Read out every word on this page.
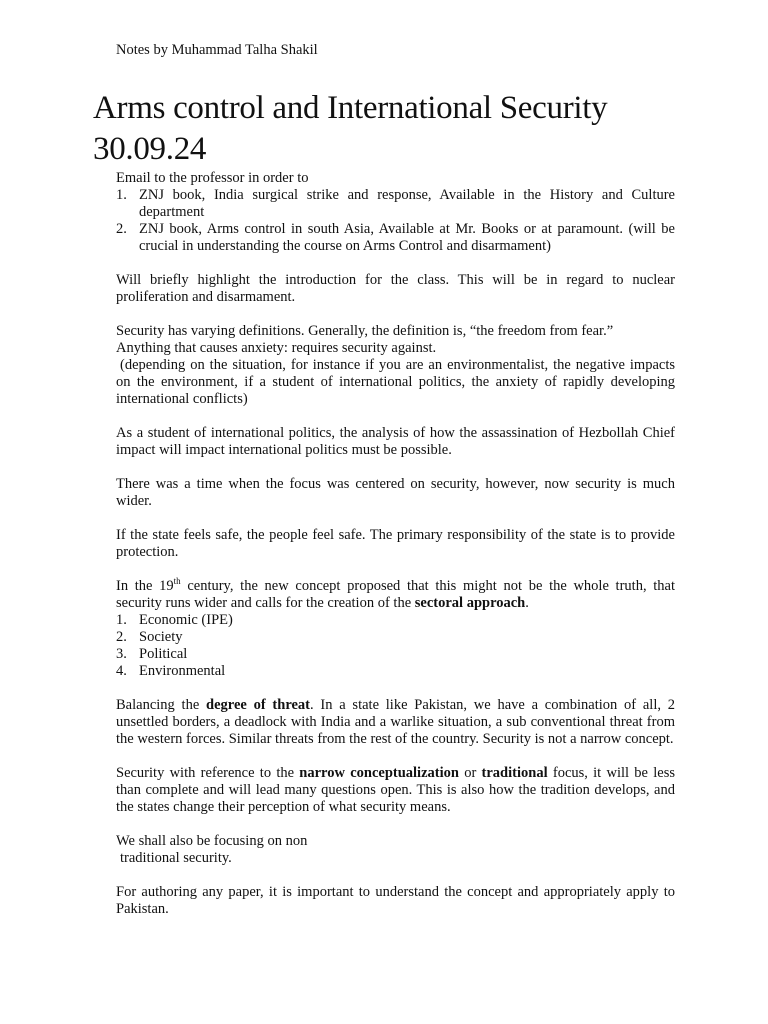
Notes by Muhammad Talha Shakil
Arms control and International Security
30.09.24

Email to the professor in order to

1. ZNJ book, India surgical strike and response, Available in the History and Culture department
2. ZNJ book, Arms control in south Asia, Available at Mr. Books or at paramount. (will be crucial in understanding the course on Arms Control and disarmament)

Will briefly highlight the introduction for the class. This will be in regard to nuclear proliferation and disarmament.

Security has varying definitions. Generally, the definition is, “the freedom from fear.”

Anything that causes anxiety: requires security against.

(depending on the situation, for instance if you are an environmentalist, the negative impacts on the environment, if a student of international politics, the anxiety of rapidly developing international conflicts)

As a student of international politics, the analysis of how the assassination of Hezbollah Chief impact will impact international politics must be possible.

There was a time when the focus was centered on security, however, now security is much wider.

If the state feels safe, the people feel safe. The primary responsibility of the state is to provide protection.

In the 19th century, the new concept proposed that this might not be the whole truth, that security runs wider and calls for the creation of the sectoral approach.

1. Economic (IPE)
2. Society
3. Political
4. Environmental

Balancing the degree of threat. In a state like Pakistan, we have a combination of all, 2 unsettled borders, a deadlock with India and a warlike situation, a sub conventional threat from the western forces. Similar threats from the rest of the country. Security is not a narrow concept.

Security with reference to the narrow conceptualization or traditional focus, it will be less than complete and will lead many questions open. This is also how the tradition develops, and the states change their perception of what security means.

We shall also be focusing on non

traditional security.

For authoring any paper, it is important to understand the concept and appropriately apply to Pakistan.
